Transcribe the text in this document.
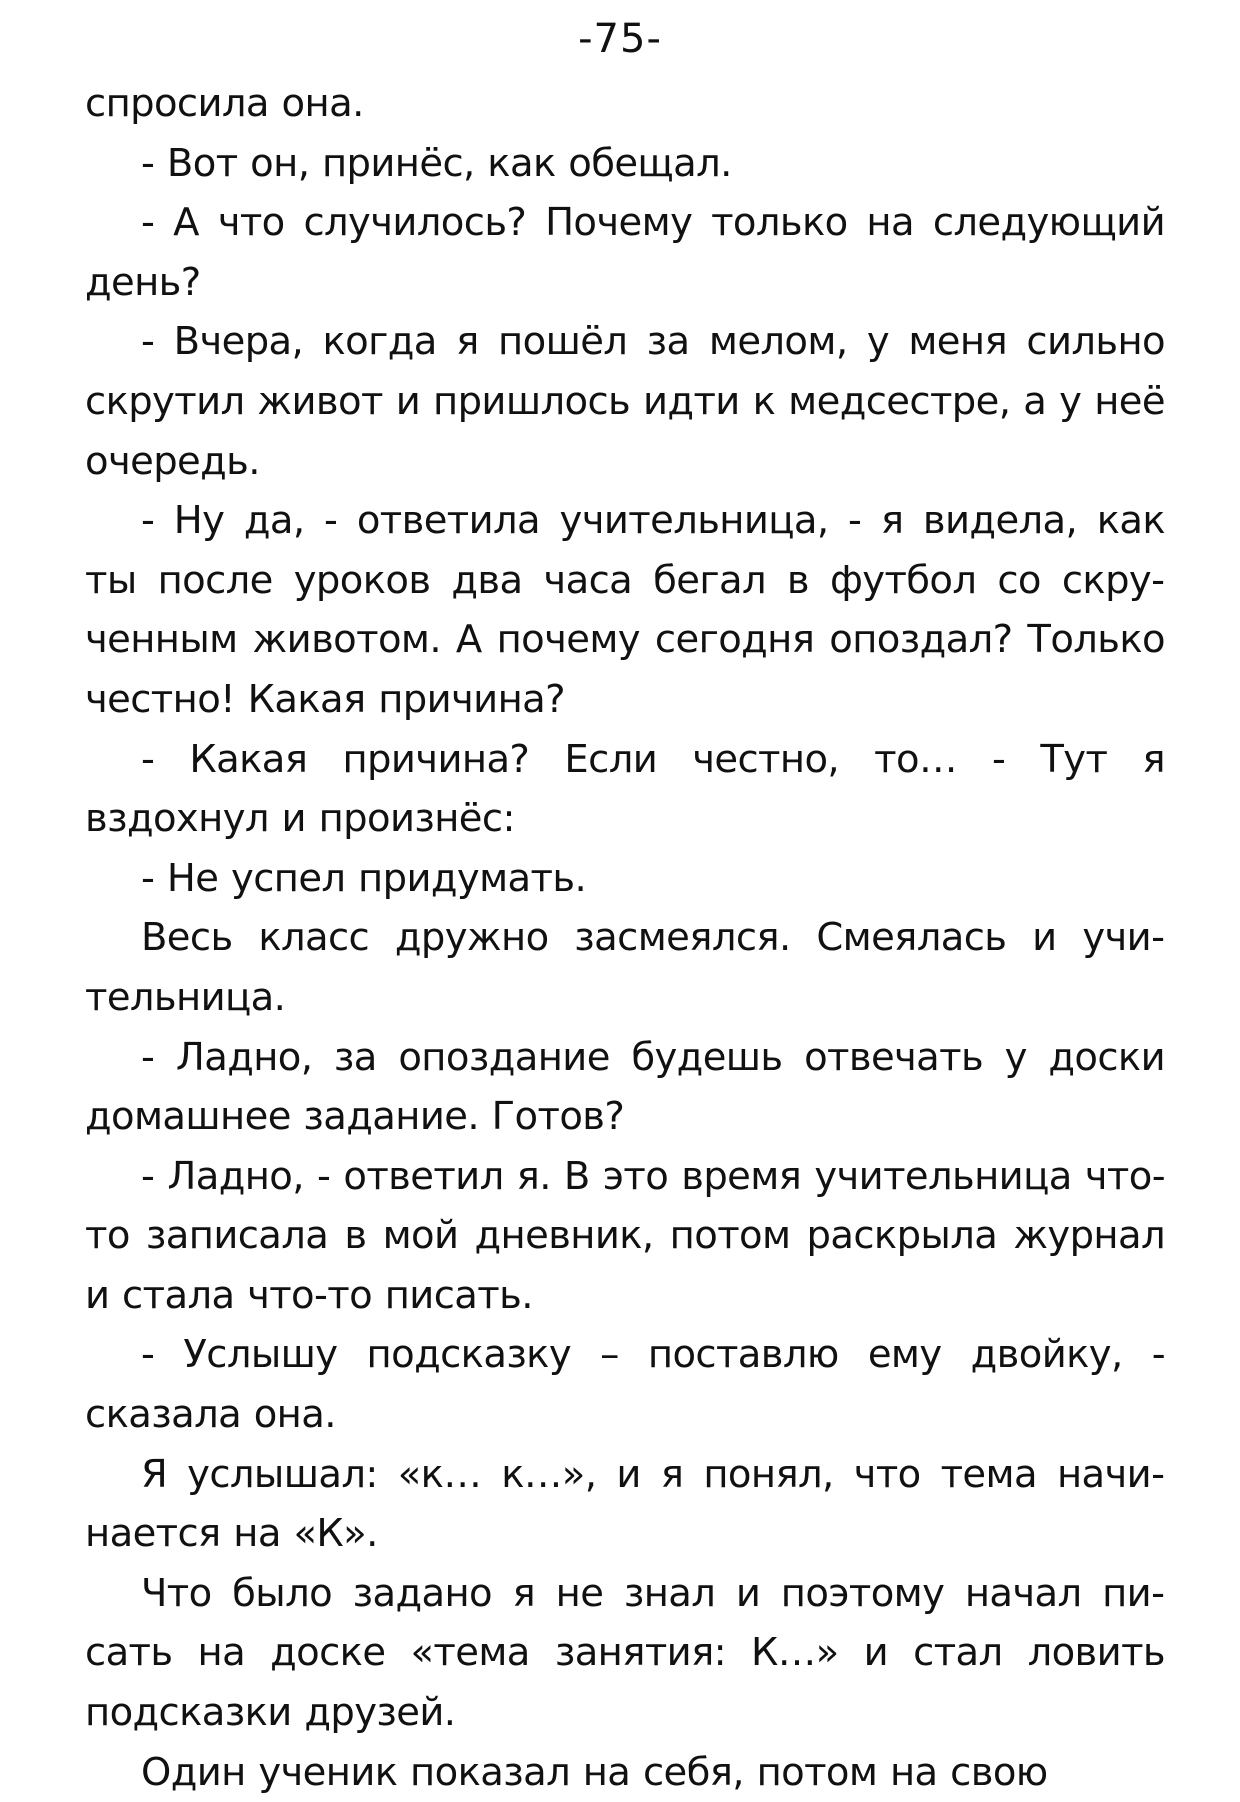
-75-

спросила она.

- Вот он, принёс, как обещал.

- А что случилось? Почему только на следующий день?

- Вчера, когда я пошёл за мелом, у меня сильно скрутил живот и пришлось идти к медсестре, а у неё очередь.

- Ну да, - ответила учительница, - я видела, как ты после уроков два часа бегал в футбол со скрученным животом. А почему сегодня опоздал? Только честно! Какая причина?

- Какая причина? Если честно, то… - Тут я вздохнул и произнёс:

- Не успел придумать.

Весь класс дружно засмеялся. Смеялась и учительница.

- Ладно, за опоздание будешь отвечать у доски домашнее задание. Готов?

- Ладно, - ответил я. В это время учительница что-то записала в мой дневник, потом раскрыла журнал и стала что-то писать.

- Услышу подсказку – поставлю ему двойку, - сказала она.

Я услышал: «к… к…», и я понял, что тема начинается на «К».

Что было задано я не знал и поэтому начал писать на доске «тема занятия: К…» и стал ловить подсказки друзей.

Один ученик показал на себя, потом на свою
